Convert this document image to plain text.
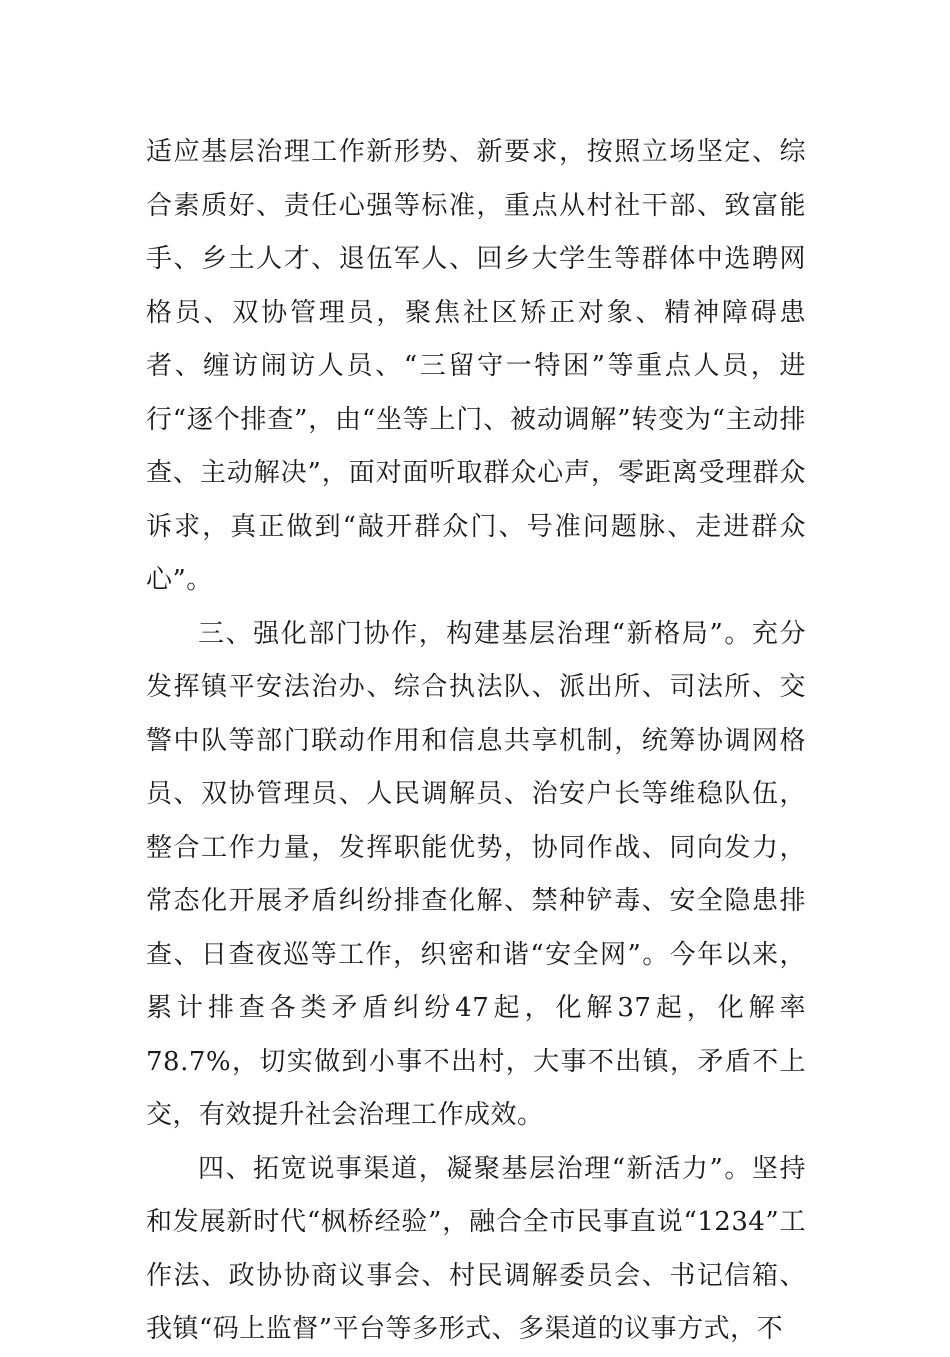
适应基层治理工作新形势、新要求，按照立场坚定、综合素质好、责任心强等标准，重点从村社干部、致富能手、乡土人才、退伍军人、回乡大学生等群体中选聘网格员、双协管理员，聚焦社区矫正对象、精神障碍患者、缠访闹访人员、“三留守一特困”等重点人员，进行“逐个排查”，由“坐等上门、被动调解”转变为“主动排查、主动解决”，面对面听取群众心声，零距离受理群众诉求，真正做到“敲开群众门、号准问题脉、走进群众心”。

三、强化部门协作，构建基层治理“新格局”。充分发挥镇平安法治办、综合执法队、派出所、司法所、交警中队等部门联动作用和信息共享机制，统筹协调网格员、双协管理员、人民调解员、治安户长等维稳队伍，整合工作力量，发挥职能优势，协同作战、同向发力，常态化开展矛盾纠纷排查化解、禁种铲毒、安全隐患排查、日查夜巡等工作，织密和谐“安全网”。今年以来，累计排查各类矛盾纠纷47起，化解37起，化解率78.7%，切实做到小事不出村，大事不出镇，矛盾不上交，有效提升社会治理工作成效。

四、拓宽说事渠道，凝聚基层治理“新活力”。坚持和发展新时代“枫桥经验”，融合全市民事直说“1234”工作法、政协协商议事会、村民调解委员会、书记信箱、我镇“码上监督”平台等多形式、多渠道的议事方式，不
